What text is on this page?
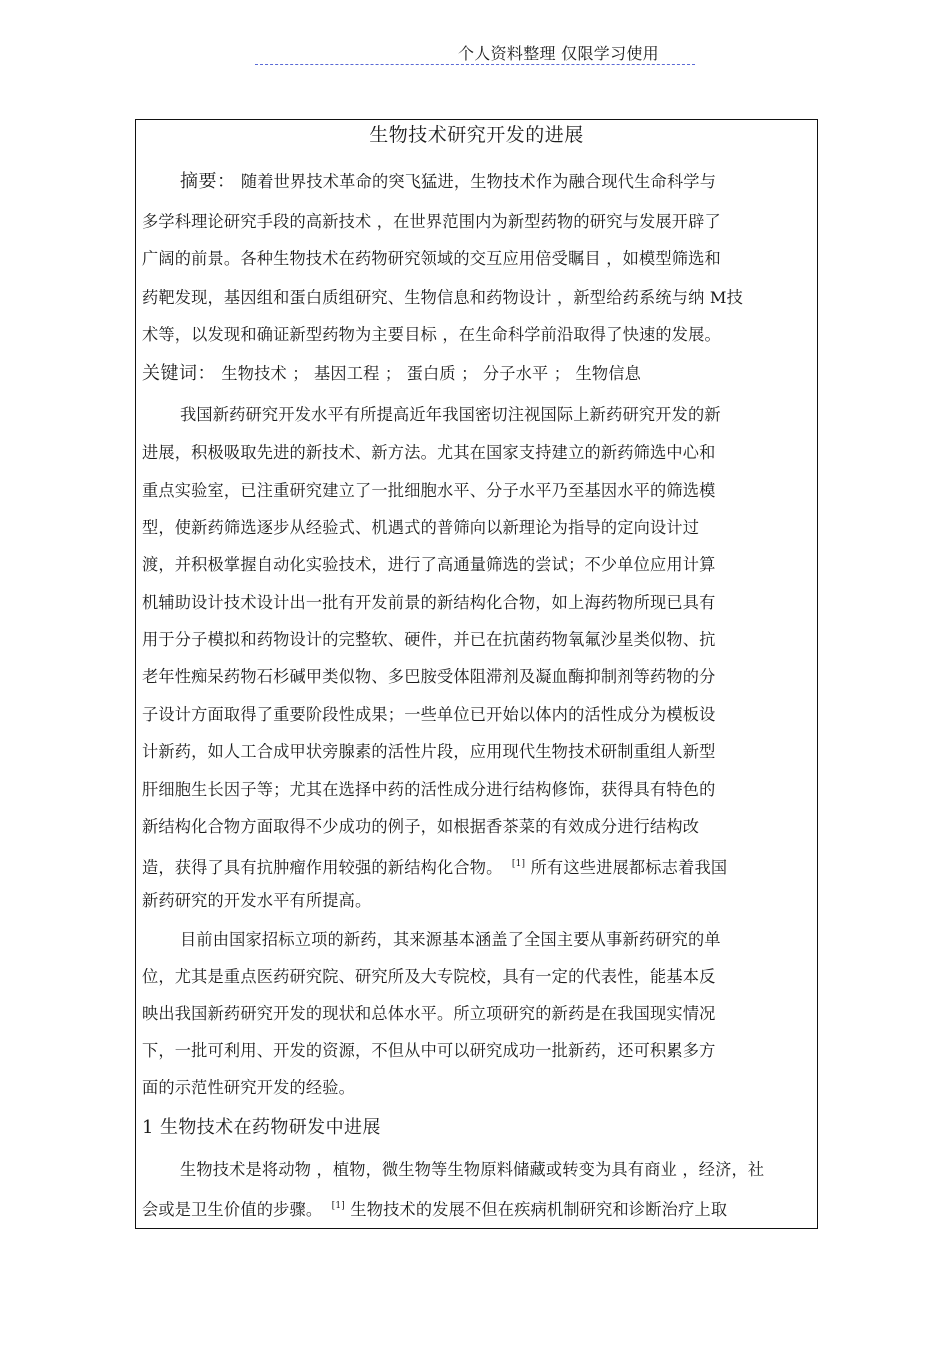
个人资料整理 仅限学习使用
生物技术研究开发的进展
摘要： 随着世界技术革命的突飞猛进，生物技术作为融合现代生命科学与
多学科理论研究手段的高新技术 ，在世界范围内为新型药物的研究与发展开辟了
广阔的前景。各种生物技术在药物研究领域的交互应用倍受瞩目 ，如模型筛选和
药靶发现，基因组和蛋白质组研究、生物信息和药物设计 ，新型给药系统与纳 M技
术等，以发现和确证新型药物为主要目标 ，在生命科学前沿取得了快速的发展。
关键词： 生物技术 ； 基因工程 ； 蛋白质 ； 分子水平 ； 生物信息
我国新药研究开发水平有所提高近年我国密切注视国际上新药研究开发的新
进展，积极吸取先进的新技术、新方法。尤其在国家支持建立的新药筛选中心和
重点实验室，已注重研究建立了一批细胞水平、分子水平乃至基因水平的筛选模
型，使新药筛选逐步从经验式、机遇式的普筛向以新理论为指导的定向设计过
渡，并积极掌握自动化实验技术，进行了高通量筛选的尝试；不少单位应用计算
机辅助设计技术设计出一批有开发前景的新结构化合物，如上海药物所现已具有
用于分子模拟和药物设计的完整软、硬件，并已在抗菌药物氧氟沙星类似物、抗
老年性痴呆药物石杉碱甲类似物、多巴胺受体阻滞剂及凝血酶抑制剂等药物的分
子设计方面取得了重要阶段性成果；一些单位已开始以体内的活性成分为模板设
计新药，如人工合成甲状旁腺素的活性片段，应用现代生物技术研制重组人新型
肝细胞生长因子等；尤其在选择中药的活性成分进行结构修饰，获得具有特色的
新结构化合物方面取得不少成功的例子，如根据香茶菜的有效成分进行结构改
造，获得了具有抗肿瘤作用较强的新结构化合物。 [1] 所有这些进展都标志着我国
新药研究的开发水平有所提高。
目前由国家招标立项的新药，其来源基本涵盖了全国主要从事新药研究的单
位，尤其是重点医药研究院、研究所及大专院校，具有一定的代表性，能基本反
映出我国新药研究开发的现状和总体水平。所立项研究的新药是在我国现实情况
下，一批可利用、开发的资源，不但从中可以研究成功一批新药，还可积累多方
面的示范性研究开发的经验。
1 生物技术在药物研发中进展
生物技术是将动物 ，植物，微生物等生物原料储藏或转变为具有商业 ，经济，社
会或是卫生价值的步骤。 [1] 生物技术的发展不但在疾病机制研究和诊断治疗上取
